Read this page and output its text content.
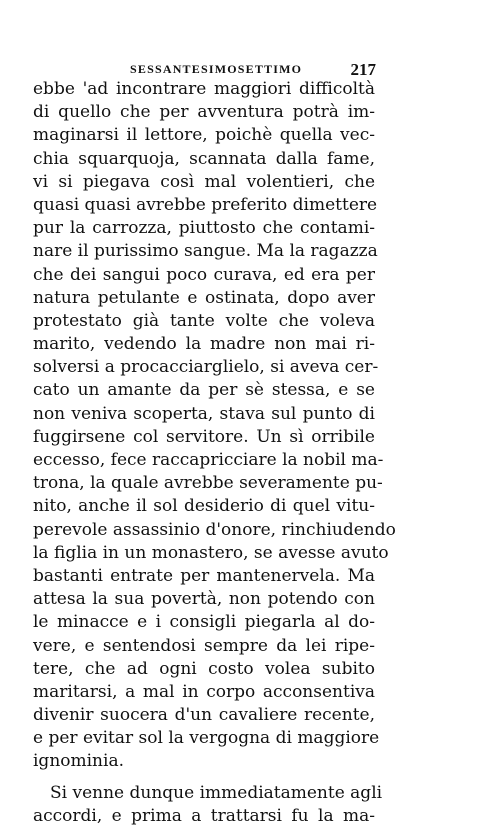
SESSANTESIMOSETTIMO	217
ebbe 'ad incontrare maggiori difficoltà
di quello che per avventura potrà im-
maginarsi il lettore, poichè quella vec-
chia squarquoja, scannata dalla fame,
vi si piegava così mal volentieri, che
quasi quasi avrebbe preferito dimettere
pur la carrozza, piuttosto che contami-
nare il purissimo sangue. Ma la ragazza
che dei sangui poco curava, ed era per
natura petulante e ostinata, dopo aver
protestato già tante volte che voleva
marito, vedendo la madre non mai ri-
solversi a procacciarglielo, si aveva cer-
cato un amante da per sè stessa, e se
non veniva scoperta, stava sul punto di
fuggirsene col servitore. Un sì orribile
eccesso, fece raccapricciare la nobil ma-
trona, la quale avrebbe severamente pu-
nito, anche il sol desiderio di quel vitu-
perevole assassinio d'onore, rinchiudendo
la figlia in un monastero, se avesse avuto
bastanti entrate per mantenervela. Ma
attesa la sua povertà, non potendo con
le minacce e i consigli piegarla al do-
vere, e sentendosi sempre da lei ripe-
tere, che ad ogni costo volea subito
maritarsi, a mal in corpo acconsentiva
divenir suocera d'un cavaliere recente,
e per evitar sol la vergogna di maggiore
ignominia.
Si venne dunque immediatamente agli
accordi, e prima a trattarsi fu la ma-
